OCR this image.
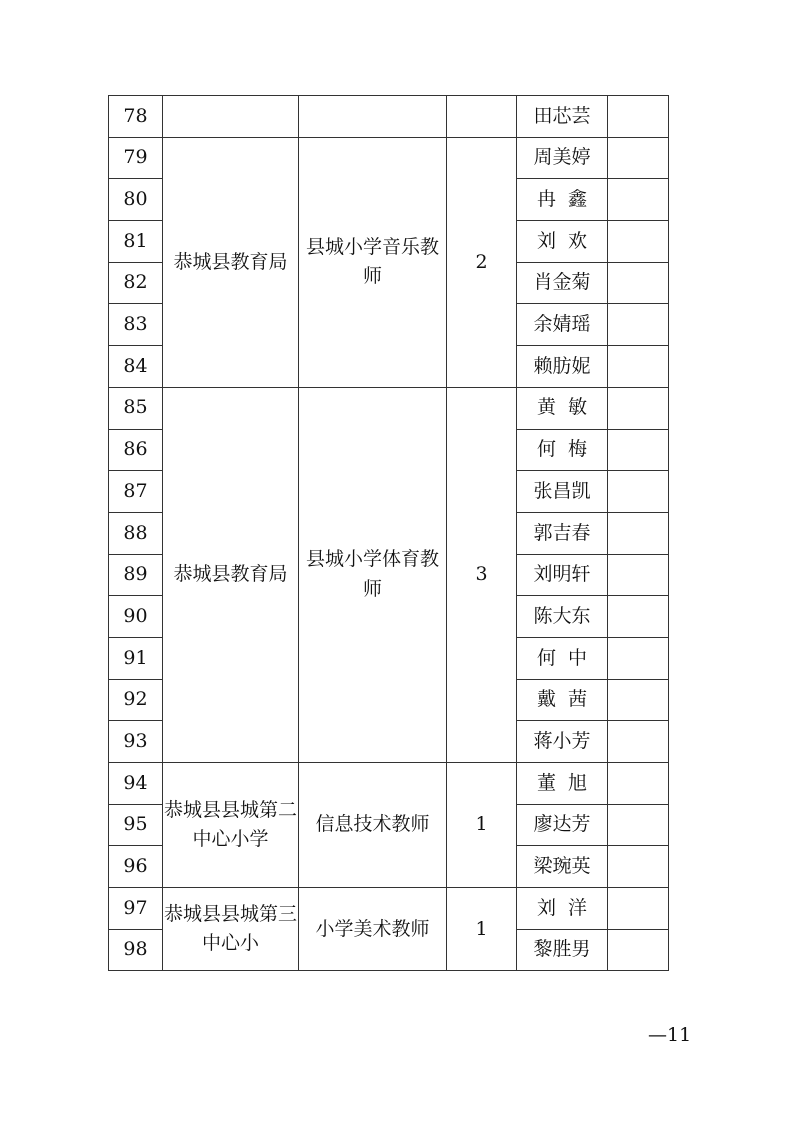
78				田芯芸	
79	恭城县教育局	县城小学音乐教师	2	周美婷	
80				冉  鑫	
81				刘  欢	
82				肖金菊	
83				余婧瑶	
84				赖肪妮	
85	恭城县教育局	县城小学体育教师	3	黄  敏	
86				何  梅	
87				张昌凯	
88				郭吉春	
89				刘明轩	
90				陈大东	
91				何  中	
92				戴  茜	
93				蒋小芳	
94	恭城县县城第二中心小学	信息技术教师	1	董  旭	
95				廖达芳	
96				梁琬英	
97	恭城县县城第三中心小	小学美术教师	1	刘  洋	
98				黎胜男	
—11
